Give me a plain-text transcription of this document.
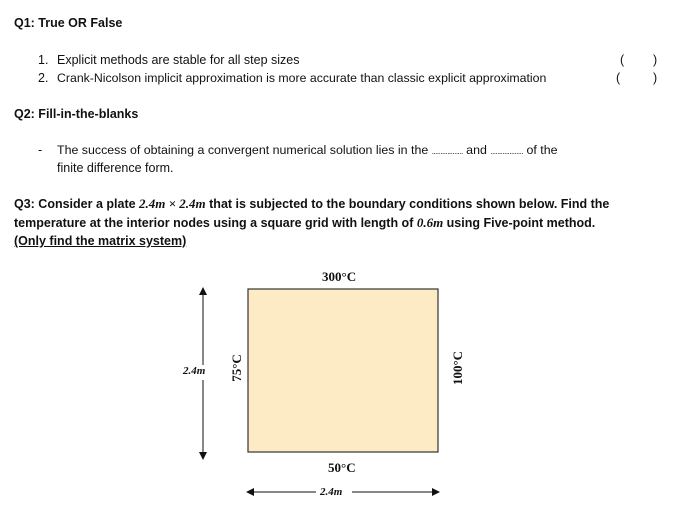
Q1: True OR False
1. Explicit methods are stable for all step sizes	( )
2. Crank-Nicolson implicit approximation is more accurate than classic explicit approximation	(	)
Q2: Fill-in-the-blanks
- The success of obtaining a convergent numerical solution lies in the .................. and ................... of the
finite difference form.
Q3: Consider a plate 2.4m × 2.4m that is subjected to the boundary conditions shown below. Find the
temperature at the interior nodes using a square grid with length of 0.6m using Five-point method.
(Only find the matrix system)
300°C
50°C
75°C	100°C
2.4m
2.4m
